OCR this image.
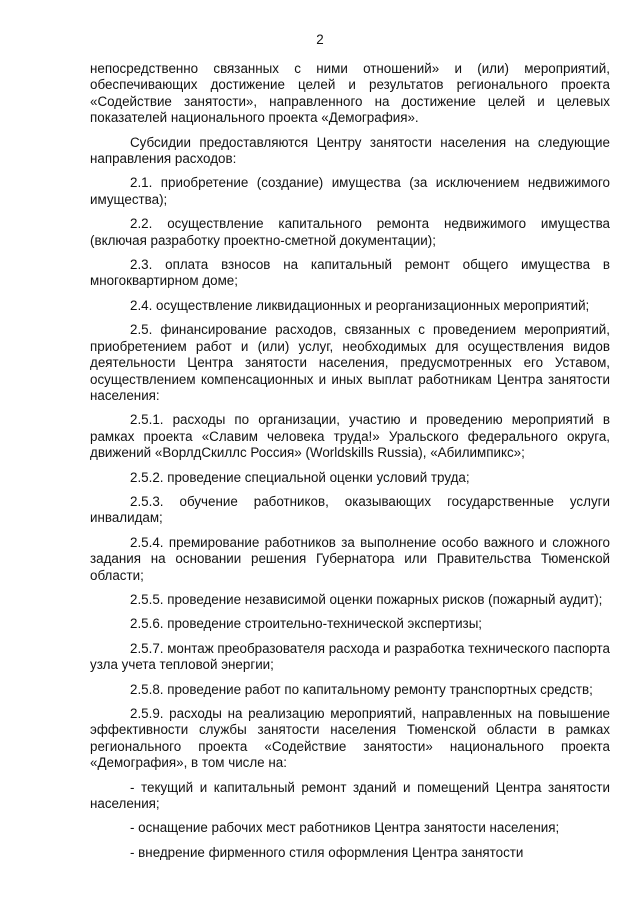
2

непосредственно связанных с ними отношений» и (или) мероприятий, обеспечивающих достижение целей и результатов регионального проекта «Содействие занятости», направленного на достижение целей и целевых показателей национального проекта «Демография».

Субсидии предоставляются Центру занятости населения на следующие направления расходов:

2.1. приобретение (создание) имущества (за исключением недвижимого имущества);

2.2. осуществление капитального ремонта недвижимого имущества (включая разработку проектно-сметной документации);

2.3. оплата взносов на капитальный ремонт общего имущества в многоквартирном доме;

2.4. осуществление ликвидационных и реорганизационных мероприятий;

2.5. финансирование расходов, связанных с проведением мероприятий, приобретением работ и (или) услуг, необходимых для осуществления видов деятельности Центра занятости населения, предусмотренных его Уставом, осуществлением компенсационных и иных выплат работникам Центра занятости населения:

2.5.1. расходы по организации, участию и проведению мероприятий в рамках проекта «Славим человека труда!» Уральского федерального округа, движений «ВорлдСкиллс Россия» (Worldskills Russia), «Абилимпикс»;

2.5.2. проведение специальной оценки условий труда;

2.5.3. обучение работников, оказывающих государственные услуги инвалидам;

2.5.4. премирование работников за выполнение особо важного и сложного задания на основании решения Губернатора или Правительства Тюменской области;

2.5.5. проведение независимой оценки пожарных рисков (пожарный аудит);

2.5.6. проведение строительно-технической экспертизы;

2.5.7. монтаж преобразователя расхода и разработка технического паспорта узла учета тепловой энергии;

2.5.8. проведение работ по капитальному ремонту транспортных средств;

2.5.9. расходы на реализацию мероприятий, направленных на повышение эффективности службы занятости населения Тюменской области в рамках регионального проекта «Содействие занятости» национального проекта «Демография», в том числе на:

- текущий и капитальный ремонт зданий и помещений Центра занятости населения;

- оснащение рабочих мест работников Центра занятости населения;

- внедрение фирменного стиля оформления Центра занятости
